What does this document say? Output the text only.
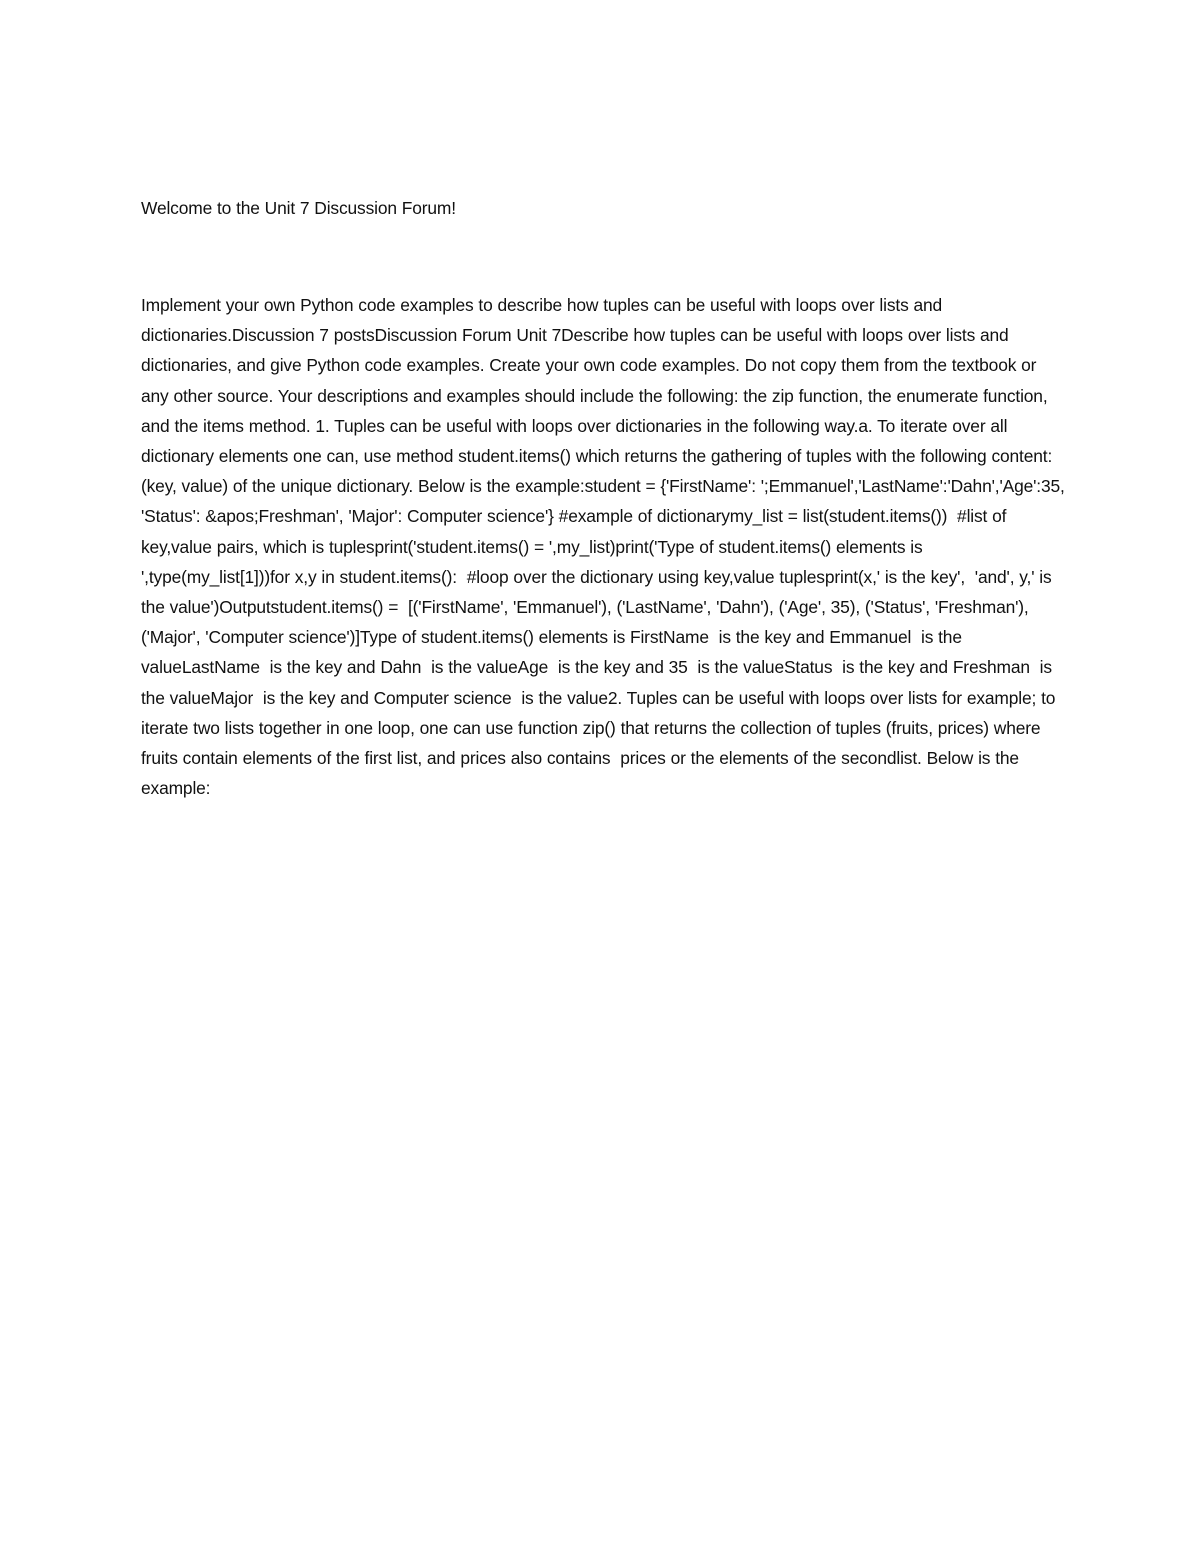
Welcome to the Unit 7 Discussion Forum!

Implement your own Python code examples to describe how tuples can be useful with loops over lists and dictionaries.Discussion 7 postsDiscussion Forum Unit 7Describe how tuples can be useful with loops over lists and dictionaries, and give Python code examples. Create your own code examples. Do not copy them from the textbook or any other source. Your descriptions and examples should include the following: the zip function, the enumerate function, and the items method. 1. Tuples can be useful with loops over dictionaries in the following way.a. To iterate over all dictionary elements one can, use method student.items() which returns the gathering of tuples with the following content: (key, value) of the unique dictionary. Below is the example:student = {'FirstName': ';Emmanuel','LastName':'Dahn','Age':35, 'Status': &apos;Freshman', 'Major': Computer science'} #example of dictionarymy_list = list(student.items())  #list of key,value pairs, which is tuplesprint('student.items() = ',my_list)print('Type of student.items() elements is ',type(my_list[1]))for x,y in student.items():  #loop over the dictionary using key,value tuplesprint(x,' is the key',  'and', y,' is the value')Outputstudent.items() =  [('FirstName', 'Emmanuel'), ('LastName', 'Dahn'), ('Age', 35), ('Status', 'Freshman'), ('Major', 'Computer science')]Type of student.items() elements is FirstName  is the key and Emmanuel  is the valueLastName  is the key and Dahn  is the valueAge  is the key and 35  is the valueStatus  is the key and Freshman  is the valueMajor  is the key and Computer science  is the value2. Tuples can be useful with loops over lists for example; to iterate two lists together in one loop, one can use function zip() that returns the collection of tuples (fruits, prices) where fruits contain elements of the first list, and prices also contains  prices or the elements of the secondlist. Below is the example:
